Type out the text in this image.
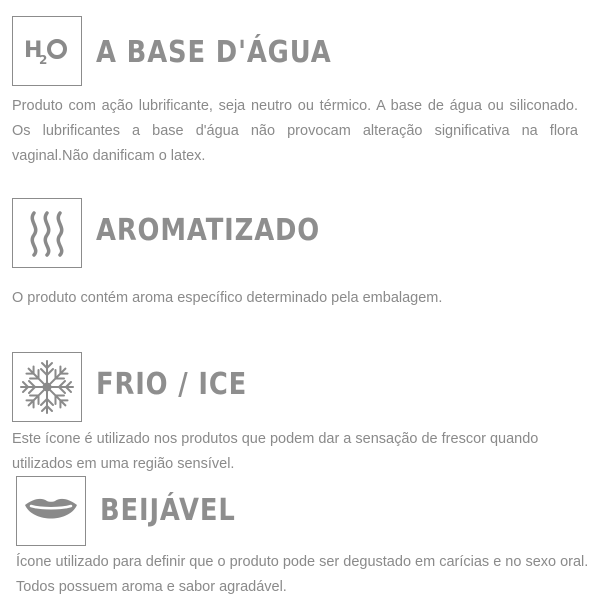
H
2 A BASE D'ÁGUA

Produto com ação lubrificante, seja neutro ou térmico. A base de água ou siliconado. Os lubrificantes a base d'água não provocam alteração significativa na flora vaginal.Não danificam o latex.

AROMATIZADO

O produto contém aroma específico determinado pela embalagem.

FRIO / ICE

Este ícone é utilizado nos produtos que podem dar a sensação de frescor quando utilizados em uma região sensível.

BEIJÁVEL

Ícone utilizado para definir que o produto pode ser degustado em carícias e no sexo oral. Todos possuem aroma e sabor agradável.
